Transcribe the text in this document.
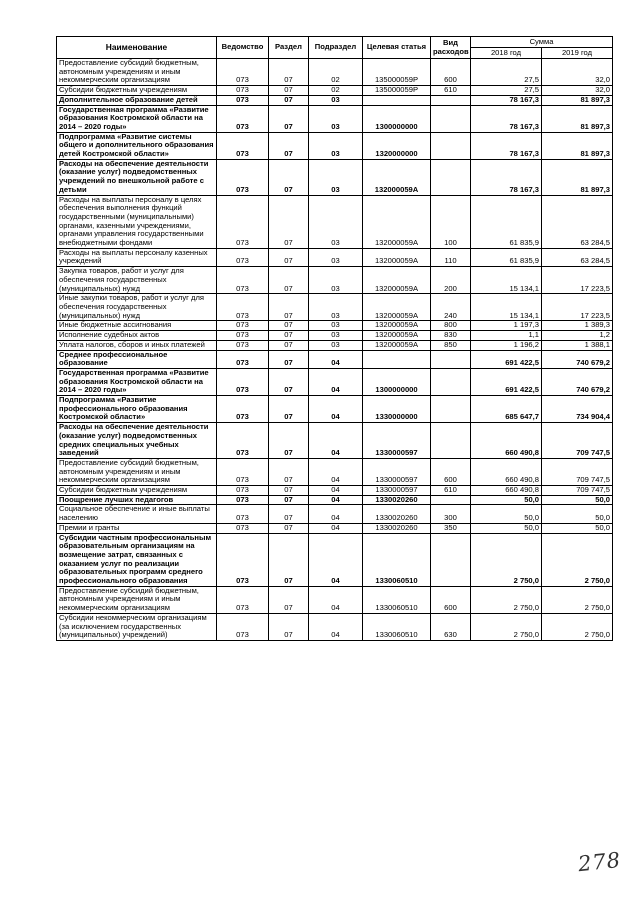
Наименование	Ведомство	Раздел	Подраздел	Целевая статья	Вид расходов	Сумма	
						2018 год	2019 год
Предоставление субсидий бюджетным, автономным учреждениям и иным некоммерческим организациям	073	07	02	135000059Р	600	27,5	32,0
Субсидии бюджетным учреждениям	073	07	02	135000059Р	610	27,5	32,0
Дополнительное образование детей	073	07	03			78 167,3	81 897,3
Государственная программа «Развитие образования Костромской области на 2014 – 2020 годы»	073	07	03	1300000000		78 167,3	81 897,3
Подпрограмма «Развитие системы общего и дополнительного образования детей Костромской области»	073	07	03	1320000000		78 167,3	81 897,3
Расходы на обеспечение деятельности (оказание услуг) подведомственных учреждений по внешкольной работе с детьми	073	07	03	132000059А		78 167,3	81 897,3
Расходы на выплаты персоналу в целях обеспечения выполнения функций государственными (муниципальными) органами, казенными учреждениями, органами управления государственными внебюджетными фондами	073	07	03	132000059А	100	61 835,9	63 284,5
Расходы на выплаты персоналу казенных учреждений	073	07	03	132000059А	110	61 835,9	63 284,5
Закупка товаров, работ и услуг для обеспечения государственных (муниципальных) нужд	073	07	03	132000059А	200	15 134,1	17 223,5
Иные закупки товаров, работ и услуг для обеспечения государственных (муниципальных) нужд	073	07	03	132000059А	240	15 134,1	17 223,5
Иные бюджетные ассигнования	073	07	03	132000059А	800	1 197,3	1 389,3
Исполнение судебных актов	073	07	03	132000059А	830	1,1	1,2
Уплата налогов, сборов и иных платежей	073	07	03	132000059А	850	1 196,2	1 388,1
Среднее профессиональное образование	073	07	04			691 422,5	740 679,2
Государственная программа «Развитие образования Костромской области на 2014 – 2020 годы»	073	07	04	1300000000		691 422,5	740 679,2
Подпрограмма «Развитие профессионального образования Костромской области»	073	07	04	1330000000		685 647,7	734 904,4
Расходы на обеспечение деятельности (оказание услуг) подведомственных средних специальных учебных заведений	073	07	04	1330000597		660 490,8	709 747,5
Предоставление субсидий бюджетным, автономным учреждениям и иным некоммерческим организациям	073	07	04	1330000597	600	660 490,8	709 747,5
Субсидии бюджетным учреждениям	073	07	04	1330000597	610	660 490,8	709 747,5
Поощрение лучших педагогов	073	07	04	1330020260		50,0	50,0
Социальное обеспечение и иные выплаты населению	073	07	04	1330020260	300	50,0	50,0
Премии и гранты	073	07	04	1330020260	350	50,0	50,0
Субсидии частным профессиональным образовательным организациям на возмещение затрат, связанных с оказанием услуг по реализации образовательных программ среднего профессионального образования	073	07	04	1330060510		2 750,0	2 750,0
Предоставление субсидий бюджетным, автономным учреждениям и иным некоммерческим организациям	073	07	04	1330060510	600	2 750,0	2 750,0
Субсидии некоммерческим организациям (за исключением государственных (муниципальных) учреждений)	073	07	04	1330060510	630	2 750,0	2 750,0
278
